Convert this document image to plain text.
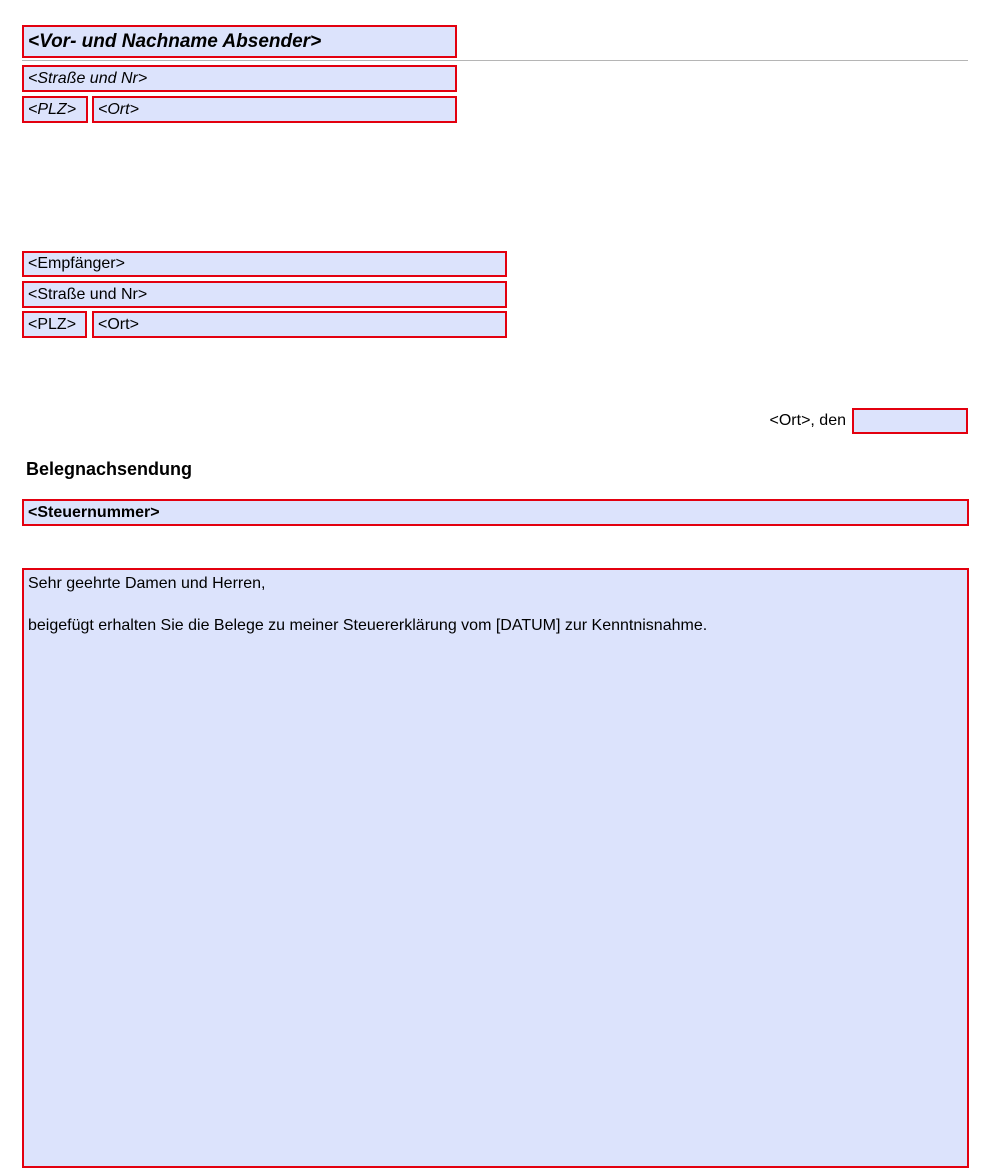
<Vor- und Nachname Absender>
<Straße und Nr>
<PLZ>	<Ort>
<Empfänger>
<Straße und Nr>
<PLZ>	<Ort>
<Ort>, den
Belegnachsendung
<Steuernummer>

Sehr geehrte Damen und Herren,

beigefügt erhalten Sie die Belege zu meiner Steuererklärung vom [DATUM] zur Kenntnisnahme.
